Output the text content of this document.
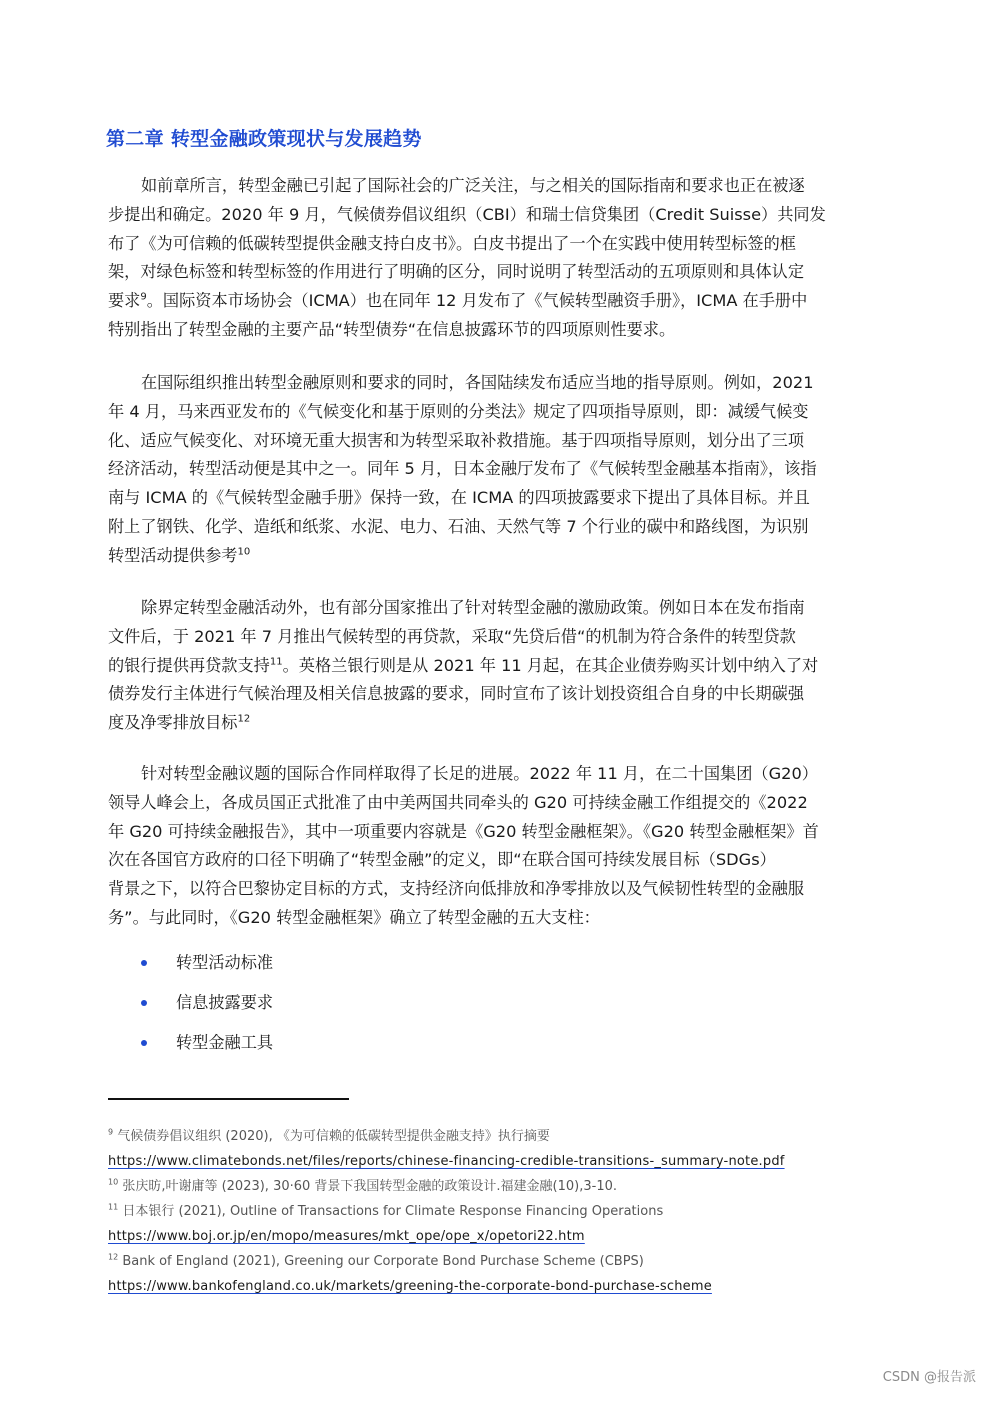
第二章 转型金融政策现状与发展趋势
如前章所言，转型金融已引起了国际社会的广泛关注，与之相关的国际指南和要求也正在被逐
步提出和确定。2020 年 9 月，气候债券倡议组织（CBI）和瑞士信贷集团（Credit Suisse）共同发
布了《为可信赖的低碳转型提供金融支持白皮书》。白皮书提出了一个在实践中使用转型标签的框
架，对绿色标签和转型标签的作用进行了明确的区分，同时说明了转型活动的五项原则和具体认定
要求$^9$。国际资本市场协会（ICMA）也在同年 12 月发布了《气候转型融资手册》，ICMA 在手册中
特别指出了转型金融的主要产品“转型债券“在信息披露环节的四项原则性要求。
在国际组织推出转型金融原则和要求的同时，各国陆续发布适应当地的指导原则。例如，2021
年 4 月，马来西亚发布的《气候变化和基于原则的分类法》规定了四项指导原则，即：减缓气候变
化、适应气候变化、对环境无重大损害和为转型采取补救措施。基于四项指导原则，划分出了三项
经济活动，转型活动便是其中之一。同年 5 月，日本金融厅发布了《气候转型金融基本指南》，该指
南与 ICMA 的《气候转型金融手册》保持一致，在 ICMA 的四项披露要求下提出了具体目标。并且
附上了钢铁、化学、造纸和纸浆、水泥、电力、石油、天然气等 7 个行业的碳中和路线图，为识别
转型活动提供参考$^{10}$
除界定转型金融活动外，也有部分国家推出了针对转型金融的激励政策。例如日本在发布指南
文件后，于 2021 年 7 月推出气候转型的再贷款，采取“先贷后借“的机制为符合条件的转型贷款
的银行提供再贷款支持$^{11}$。英格兰银行则是从 2021 年 11 月起，在其企业债券购买计划中纳入了对
债券发行主体进行气候治理及相关信息披露的要求，同时宣布了该计划投资组合自身的中长期碳强
度及净零排放目标$^{12}$
针对转型金融议题的国际合作同样取得了长足的进展。2022 年 11 月，在二十国集团（G20）
领导人峰会上，各成员国正式批准了由中美两国共同牵头的 G20 可持续金融工作组提交的《2022
年 G20 可持续金融报告》，其中一项重要内容就是《G20 转型金融框架》。《G20 转型金融框架》首
次在各国官方政府的口径下明确了“转型金融”的定义，即“在联合国可持续发展目标（SDGs）
背景之下，以符合巴黎协定目标的方式，支持经济向低排放和净零排放以及气候韧性转型的金融服
务”。与此同时，《G20 转型金融框架》确立了转型金融的五大支柱：
转型活动标准
信息披露要求
转型金融工具
$^9$ 气候债券倡议组织 (2020), 《为可信赖的低碳转型提供金融支持》执行摘要
https://www.climatebonds.net/files/reports/chinese-financing-credible-transitions-_summary-note.pdf
$^{10}$ 张庆昉,叶谢庸等 (2023), 30·60 背景下我国转型金融的政策设计.福建金融(10),3-10.
$^{11}$ 日本银行 (2021), Outline of Transactions for Climate Response Financing Operations
https://www.boj.or.jp/en/mopo/measures/mkt_ope/ope_x/opetori22.htm
$^{12}$ Bank of England (2021), Greening our Corporate Bond Purchase Scheme (CBPS)
https://www.bankofengland.co.uk/markets/greening-the-corporate-bond-purchase-scheme
CSDN @报告派
